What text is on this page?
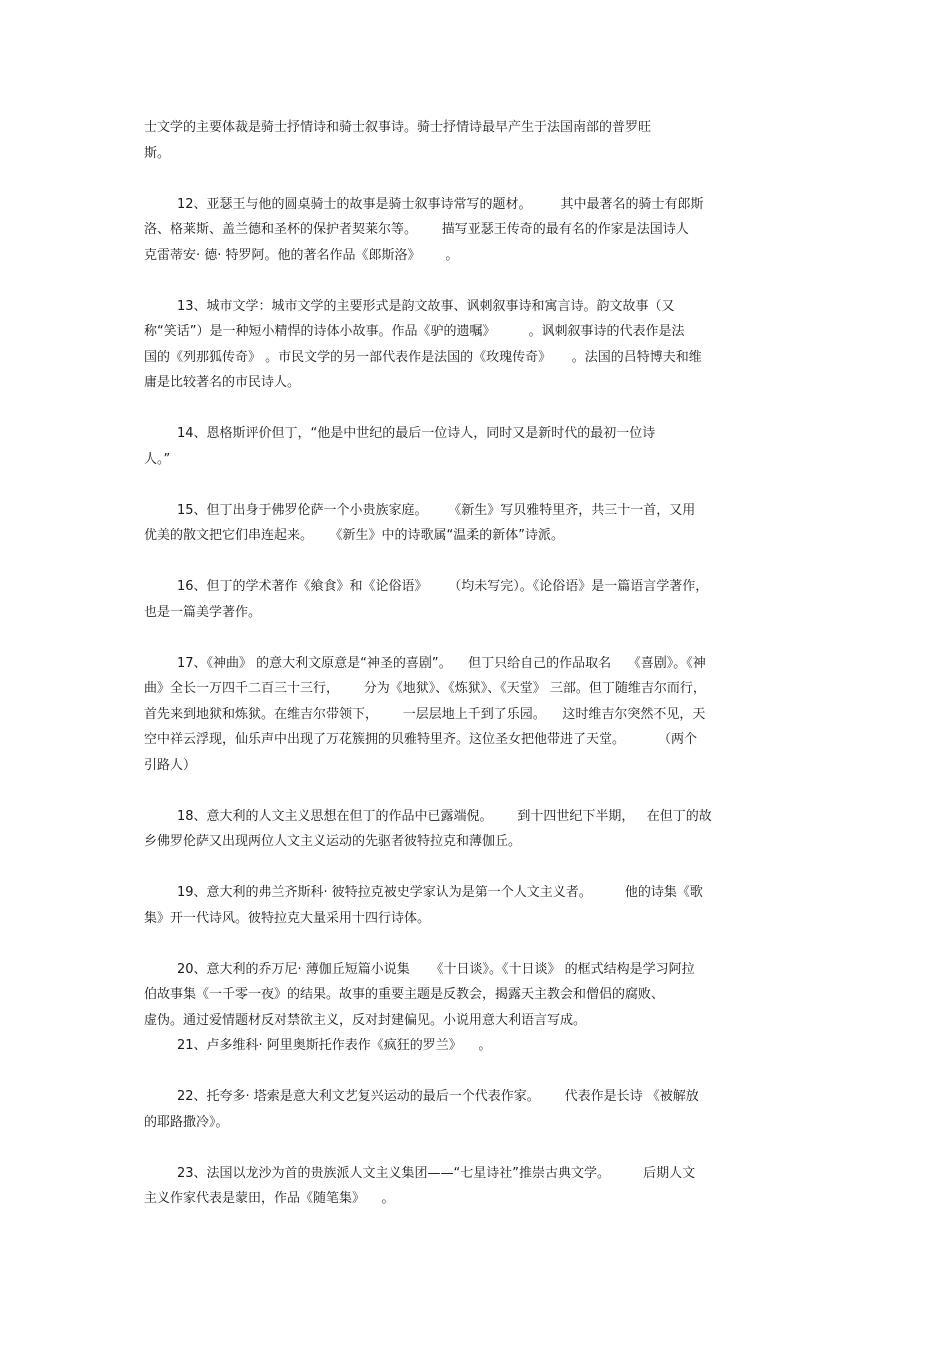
士文学的主要体裁是骑士抒情诗和骑士叙事诗。骑士抒情诗最早产生于法国南部的普罗旺
斯。
12、亚瑟王与他的圆桌骑士的故事是骑士叙事诗常写的题材。       其中最著名的骑士有郎斯
洛、格莱斯、盖兰德和圣杯的保护者契莱尔等。      描写亚瑟王传奇的最有名的作家是法国诗人
克雷蒂安· 德· 特罗阿。他的著名作品《郎斯洛》      。
13、城市文学：城市文学的主要形式是韵文故事、讽刺叙事诗和寓言诗。韵文故事（又
称“笑话”）是一种短小精悍的诗体小故事。作品《驴的遗嘱》        。讽刺叙事诗的代表作是法
国的《列那狐传奇》 。市民文学的另一部代表作是法国的《玫瑰传奇》     。法国的吕特博夫和维
庸是比较著名的市民诗人。
14、恩格斯评价但丁，“他是中世纪的最后一位诗人，同时又是新时代的最初一位诗
人。”
15、但丁出身于佛罗伦萨一个小贵族家庭。     《新生》写贝雅特里齐，共三十一首，又用
优美的散文把它们串连起来。    《新生》中的诗歌属“温柔的新体”诗派。
16、但丁的学术著作《飨食》和《论俗语》     （均未写完）。《论俗语》是一篇语言学著作，
也是一篇美学著作。
17、《神曲》 的意大利文原意是“神圣的喜剧”。    但丁只给自己的作品取名    《喜剧》。《神
曲》全长一万四千二百三十三行，      分为《地狱》、《炼狱》、《天堂》 三部。但丁随维吉尔而行，
首先来到地狱和炼狱。在维吉尔带领下，      一层层地上千到了乐园。    这时维吉尔突然不见，天
空中祥云浮现，仙乐声中出现了万花簇拥的贝雅特里齐。这位圣女把他带进了天堂。        （两个
引路人）
18、意大利的人文主义思想在但丁的作品中已露端倪。      到十四世纪下半期，   在但丁的故
乡佛罗伦萨又出现两位人文主义运动的先驱者彼特拉克和薄伽丘。
19、意大利的弗兰齐斯科· 彼特拉克被史学家认为是第一个人文主义者。        他的诗集《歌
集》开一代诗风。彼特拉克大量采用十四行诗体。
20、意大利的乔万尼· 薄伽丘短篇小说集     《十日谈》。《十日谈》 的框式结构是学习阿拉
伯故事集《一千零一夜》的结果。故事的重要主题是反教会，揭露天主教会和僧侣的腐败、
虚伪。通过爱情题材反对禁欲主义，反对封建偏见。小说用意大利语言写成。
21、卢多维科· 阿里奥斯托作表作《疯狂的罗兰》    。
22、托夸多· 塔索是意大利文艺复兴运动的最后一个代表作家。      代表作是长诗 《被解放
的耶路撒冷》。
23、法国以龙沙为首的贵族派人文主义集团——“七星诗社”推崇古典文学。        后期人文
主义作家代表是蒙田，作品《随笔集》    。
